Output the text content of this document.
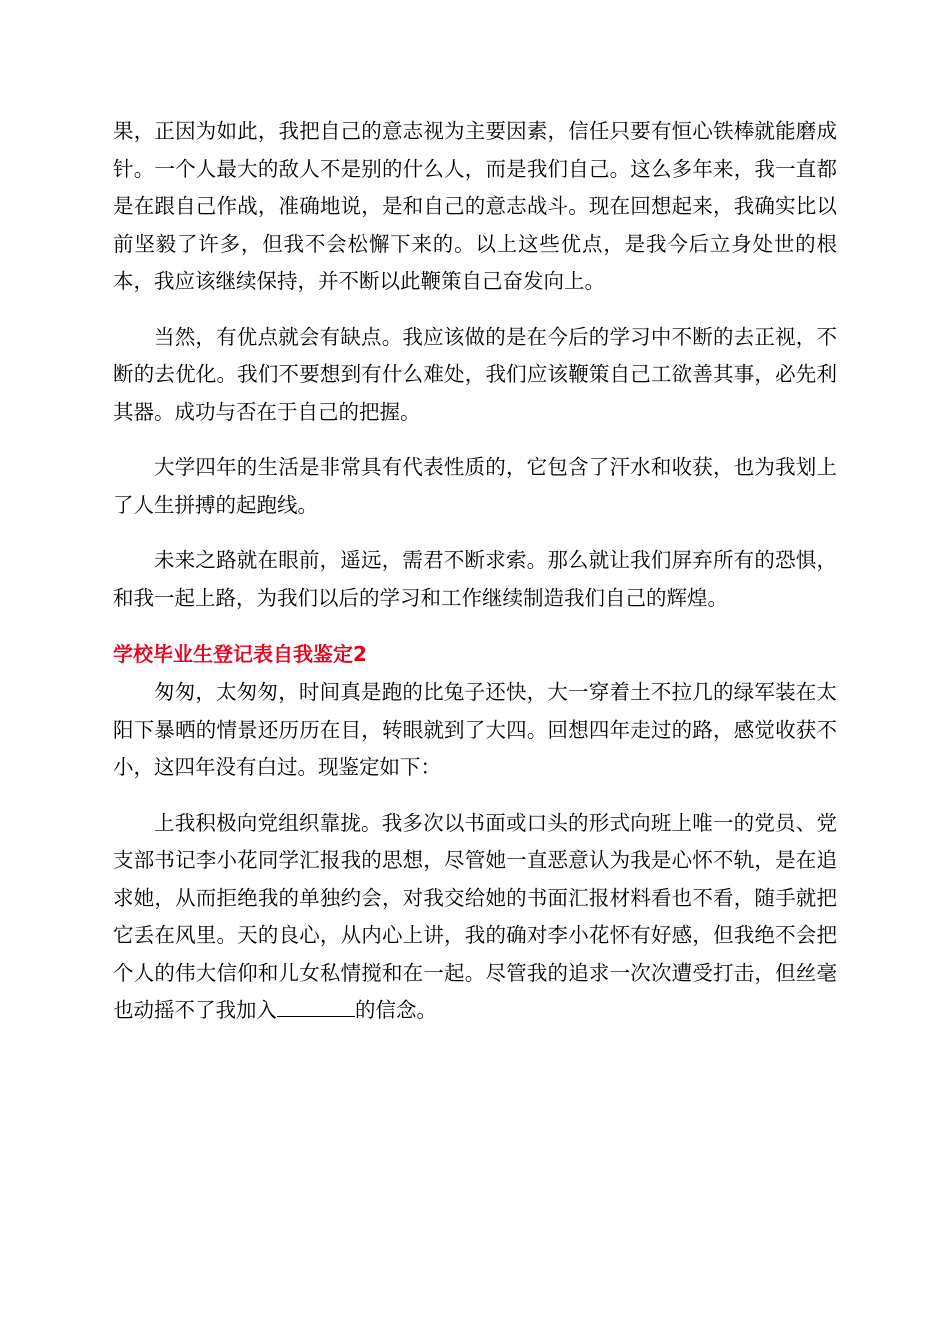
果，正因为如此，我把自己的意志视为主要因素，信任只要有恒心铁棒就能磨成针。一个人最大的敌人不是别的什么人，而是我们自己。这么多年来，我一直都是在跟自己作战，准确地说，是和自己的意志战斗。现在回想起来，我确实比以前坚毅了许多，但我不会松懈下来的。以上这些优点，是我今后立身处世的根本，我应该继续保持，并不断以此鞭策自己奋发向上。

当然，有优点就会有缺点。我应该做的是在今后的学习中不断的去正视，不断的去优化。我们不要想到有什么难处，我们应该鞭策自己工欲善其事，必先利其器。成功与否在于自己的把握。

大学四年的生活是非常具有代表性质的，它包含了汗水和收获，也为我划上了人生拼搏的起跑线。

未来之路就在眼前，遥远，需君不断求索。那么就让我们屏弃所有的恐惧，和我一起上路，为我们以后的学习和工作继续制造我们自己的辉煌。

学校毕业生登记表自我鉴定2

匆匆，太匆匆，时间真是跑的比兔子还快，大一穿着土不拉几的绿军装在太阳下暴晒的情景还历历在目，转眼就到了大四。回想四年走过的路，感觉收获不小，这四年没有白过。现鉴定如下：

上我积极向党组织靠拢。我多次以书面或口头的形式向班上唯一的党员、党支部书记李小花同学汇报我的思想，尽管她一直恶意认为我是心怀不轨，是在追求她，从而拒绝我的单独约会，对我交给她的书面汇报材料看也不看，随手就把它丢在风里。天的良心，从内心上讲，我的确对李小花怀有好感，但我绝不会把个人的伟大信仰和儿女私情搅和在一起。尽管我的追求一次次遭受打击，但丝毫也动摇不了我加入	的信念。
